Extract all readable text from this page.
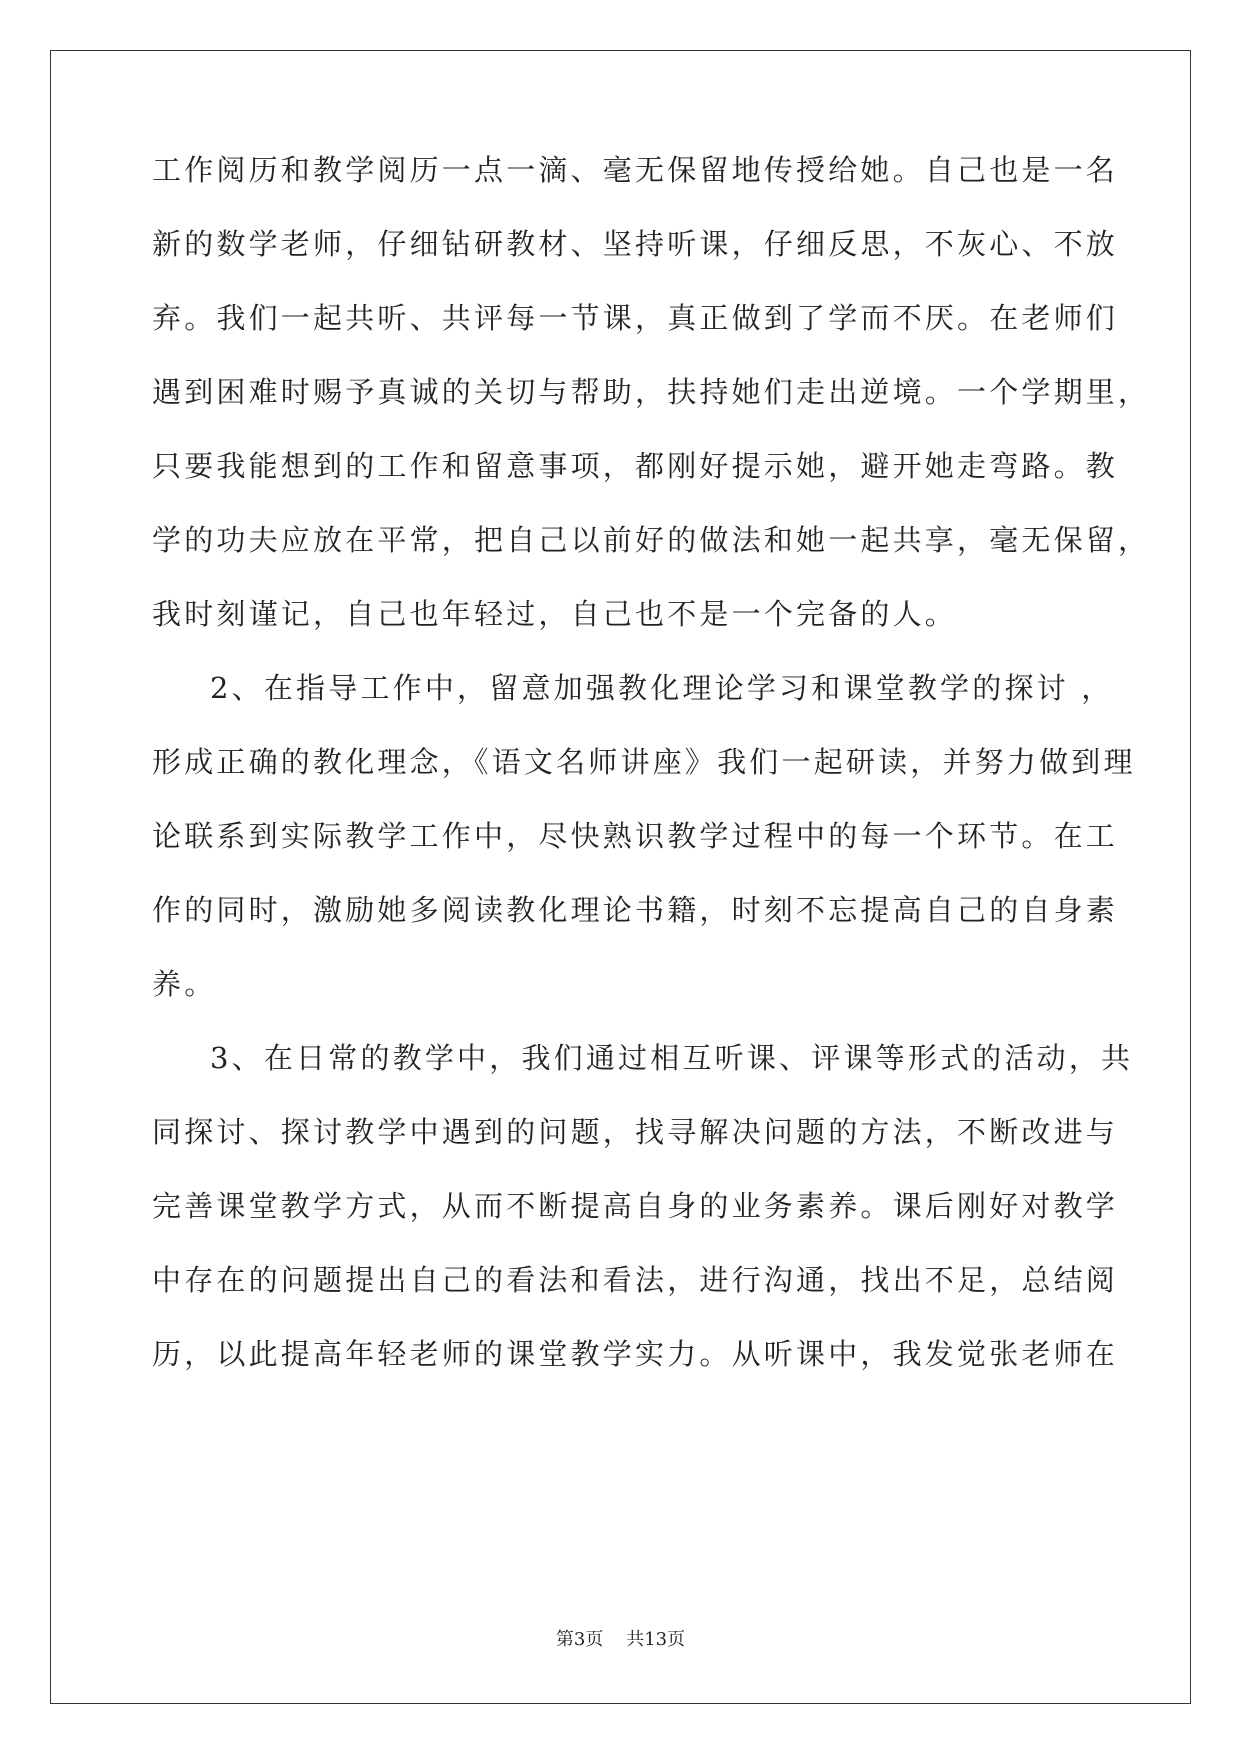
工作阅历和教学阅历一点一滴、毫无保留地传授给她。自己也是一名

新的数学老师，仔细钻研教材、坚持听课，仔细反思，不灰心、不放

弃。我们一起共听、共评每一节课，真正做到了学而不厌。在老师们

遇到困难时赐予真诚的关切与帮助，扶持她们走出逆境。一个学期里，

只要我能想到的工作和留意事项，都刚好提示她，避开她走弯路。教

学的功夫应放在平常，把自己以前好的做法和她一起共享，毫无保留，

我时刻谨记，自己也年轻过，自己也不是一个完备的人。

2、在指导工作中，留意加强教化理论学习和课堂教学的探讨 ，

形成正确的教化理念，《语文名师讲座》我们一起研读，并努力做到理

论联系到实际教学工作中，尽快熟识教学过程中的每一个环节。在工

作的同时，激励她多阅读教化理论书籍，时刻不忘提高自己的自身素

养。

3、在日常的教学中，我们通过相互听课、评课等形式的活动，共

同探讨、探讨教学中遇到的问题，找寻解决问题的方法，不断改进与

完善课堂教学方式，从而不断提高自身的业务素养。课后刚好对教学

中存在的问题提出自己的看法和看法，进行沟通，找出不足，总结阅

历，以此提高年轻老师的课堂教学实力。从听课中，我发觉张老师在

第3页 共13页
